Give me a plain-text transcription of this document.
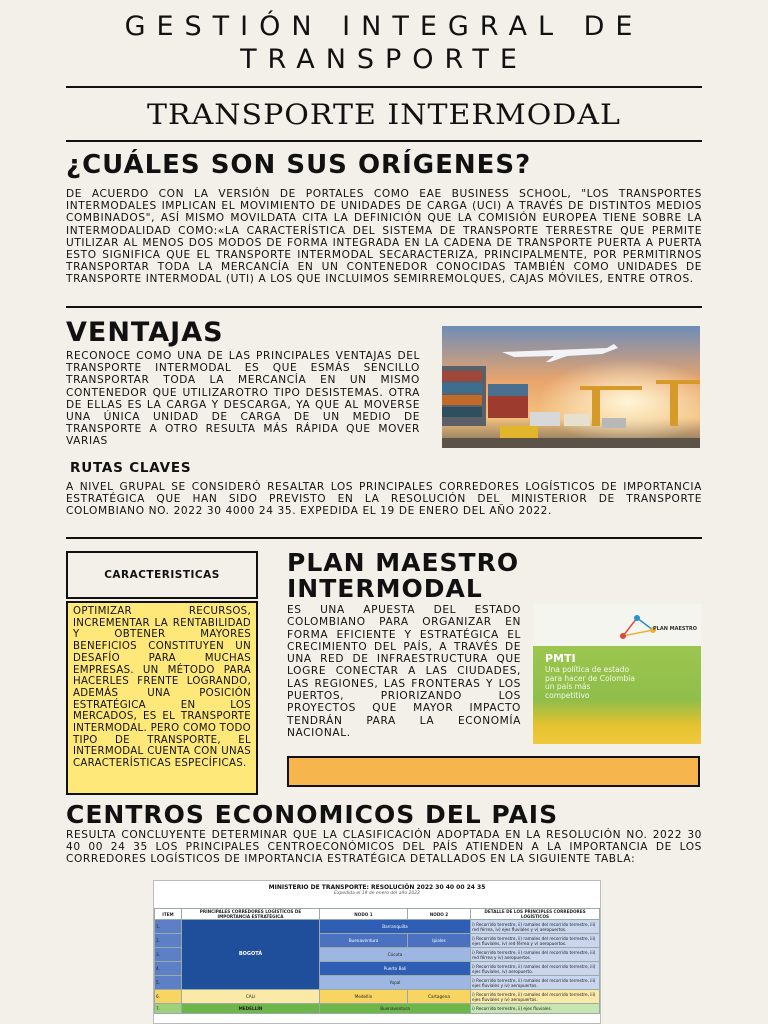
GESTIÓN INTEGRAL DE
TRANSPORTE
TRANSPORTE INTERMODAL
¿CUÁLES SON SUS ORÍGENES?
DE ACUERDO CON LA VERSIÓN DE PORTALES COMO EAE BUSINESS SCHOOL, "LOS TRANSPORTES INTERMODALES IMPLICAN EL MOVIMIENTO DE UNIDADES DE CARGA (UCI) A TRAVÉS DE DISTINTOS MEDIOS COMBINADOS", ASÍ MISMO MOVILDATA CITA LA DEFINICIÓN QUE LA COMISIÓN EUROPEA TIENE SOBRE LA INTERMODALIDAD COMO:«LA CARACTERÍSTICA DEL SISTEMA DE TRANSPORTE TERRESTRE QUE PERMITE UTILIZAR AL MENOS DOS MODOS DE FORMA INTEGRADA EN LA CADENA DE TRANSPORTE PUERTA A PUERTA ESTO SIGNIFICA QUE EL TRANSPORTE INTERMODAL SECARACTERIZA, PRINCIPALMENTE, POR PERMITIRNOS TRANSPORTAR TODA LA MERCANCÍA EN UN CONTENEDOR CONOCIDAS TAMBIÉN COMO UNIDADES DE TRANSPORTE INTERMODAL (UTI) A LOS QUE INCLUIMOS SEMIRREMOLQUES, CAJAS MÓVILES, ENTRE OTROS.
VENTAJAS
RECONOCE COMO UNA DE LAS PRINCIPALES VENTAJAS DEL TRANSPORTE INTERMODAL ES QUE ESMÁS SENCILLO TRANSPORTAR TODA LA MERCANCÍA EN UN MISMO CONTENEDOR QUE UTILIZAROTRO TIPO DESISTEMAS. OTRA DE ELLAS ES LA CARGA Y DESCARGA, YA QUE AL MOVERSE UNA ÚNICA UNIDAD DE CARGA DE UN MEDIO DE TRANSPORTE A OTRO RESULTA MÁS RÁPIDA QUE MOVER VARIAS
RUTAS CLAVES
A NIVEL GRUPAL SE CONSIDERÓ RESALTAR LOS PRINCIPALES CORREDORES LOGÍSTICOS DE IMPORTANCIA ESTRATÉGICA QUE HAN SIDO PREVISTO EN LA RESOLUCIÓN DEL MINISTERIOR DE TRANSPORTE COLOMBIANO NO. 2022 30 4000 24 35. EXPEDIDA EL 19 DE ENERO DEL AÑO 2022.
CARACTERISTICAS
OPTIMIZAR RECURSOS, INCREMENTAR LA RENTABILIDAD Y OBTENER MAYORES BENEFICIOS CONSTITUYEN UN DESAFÍO PARA MUCHAS EMPRESAS. UN MÉTODO PARA HACERLES FRENTE LOGRANDO, ADEMÁS UNA POSICIÓN ESTRATÉGICA EN LOS MERCADOS, ES EL TRANSPORTE INTERMODAL. PERO COMO TODO TIPO DE TRANSPORTE, EL INTERMODAL CUENTA CON UNAS CARACTERÍSTICAS ESPECÍFICAS.
PLAN MAESTRO
INTERMODAL
ES UNA APUESTA DEL ESTADO COLOMBIANO PARA ORGANIZAR EN FORMA EFICIENTE Y ESTRATÉGICA EL CRECIMIENTO DEL PAÍS, A TRAVÉS DE UNA RED DE INFRAESTRUCTURA QUE LOGRE CONECTAR A LAS CIUDADES, LAS REGIONES, LAS FRONTERAS Y LOS PUERTOS, PRIORIZANDO LOS PROYECTOS QUE MAYOR IMPACTO TENDRÁN PARA LA ECONOMÍA NACIONAL.
PLAN MAESTRO
PMTI
Una política de estado para hacer de Colombia un país más competitivo
CENTROS ECONOMICOS DEL PAIS
RESULTA CONCLUYENTE DETERMINAR QUE LA CLASIFICACIÓN ADOPTADA EN LA RESOLUCIÓN NO. 2022 30 40 00 24 35 LOS PRINCIPALES CENTROECONÓMICOS DEL PAÍS ATIENDEN A LA IMPORTANCIA DE LOS CORREDORES LOGÍSTICOS DE IMPORTANCIA ESTRATÉGICA DETALLADOS EN LA SIGUIENTE TABLA:
MINISTERIO DE TRANSPORTE: RESOLUCIÓN 2022 30 40 00 24 35
Expedida el 19 de enero del año 2022
ITEM	PRINCIPALES CORREDORES LOGÍSTICOS DE IMPORTANCIA ESTRATÉGICA	NODO 1	NODO 2	DETALLE DE LOS PRINCIPLES CORREDORES LOGÍSTICOS
1.	BOGOTÁ	Barranquilla		i) Recorrido terrestre, ii) ramales del recorrido terrestre, iii) red férrea, iv) ejes fluviales y v) aeropuertos.
2.		Buenaventura	Ipiales	i) Recorrido terrestre, ii) ramales del recorrido terrestre, iii) ejes fluviales, iv) red férrea y v) aeropuertos.
3.		Cúcuta		i) Recorrido terrestre, ii) ramales del recorrido terrestre, iii) red férrea y iv) aeropuertos.
4.		Puerto Boli		i) Recorrido terrestre, ii) ramales del recorrido terrestre, iii) ejes fluviales, iv) aeropuerto.
5.		Yopal		i) Recorrido terrestre, ii) ramales del recorrido terrestre, iii) ejes fluviales y iv) aeropuertos.
6.	CALI	Medellín	Cartagena	i) Recorrido terrestre, ii) ramales del recorrido terrestre, iii) ejes fluviales y iv) aeropuertos.
7.	MEDELLÍN	Buenaventura		i) Recorrido terrestre, ii) ejes fluviales.
